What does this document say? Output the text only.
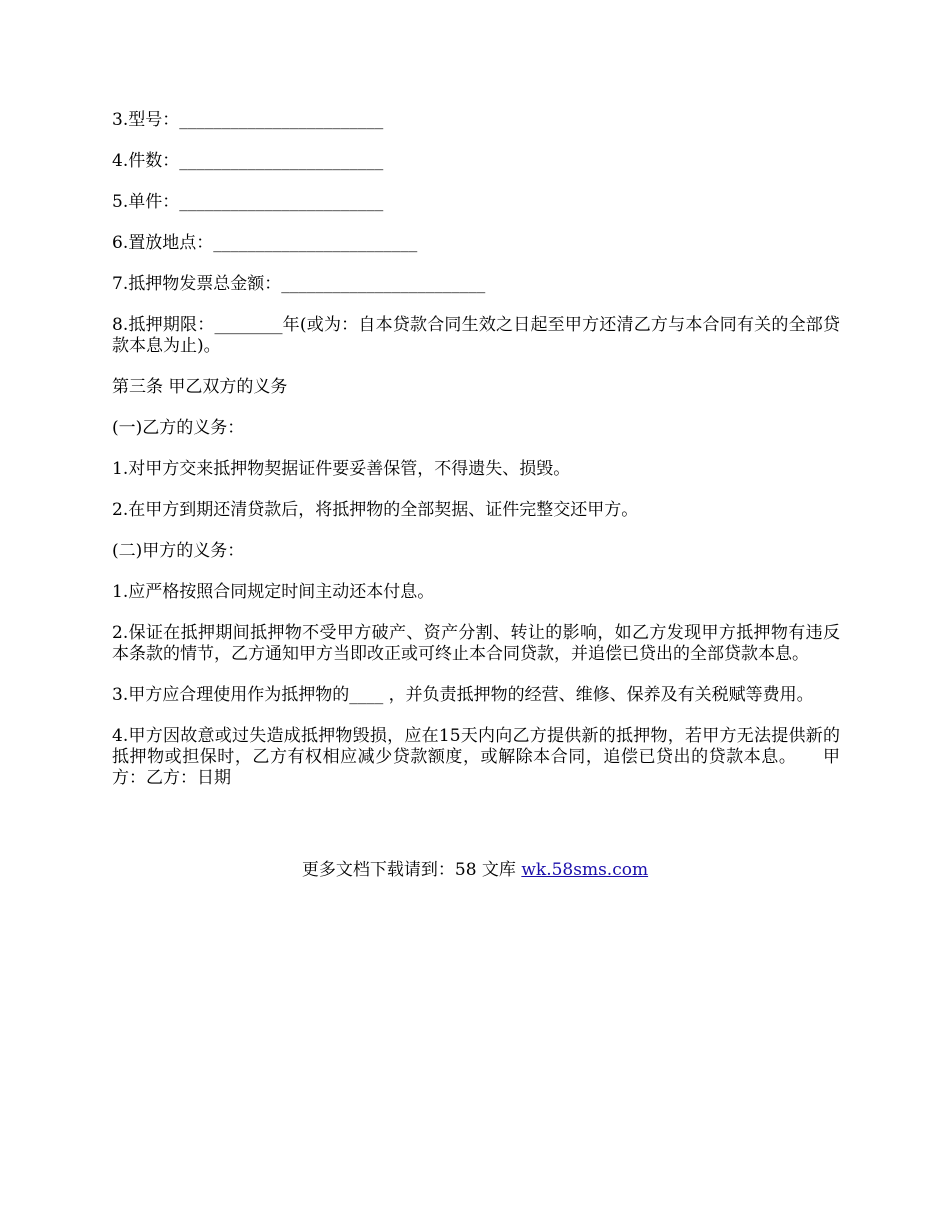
3.型号：________________________

4.件数：________________________

5.单件：________________________

6.置放地点：________________________

7.抵押物发票总金额：________________________

8.抵押期限：________年(或为：自本贷款合同生效之日起至甲方还清乙方与本合同有关的全部贷款本息为止)。

第三条 甲乙双方的义务

(一)乙方的义务：

1.对甲方交来抵押物契据证件要妥善保管，不得遗失、损毁。

2.在甲方到期还清贷款后，将抵押物的全部契据、证件完整交还甲方。

(二)甲方的义务：

1.应严格按照合同规定时间主动还本付息。

2.保证在抵押期间抵押物不受甲方破产、资产分割、转让的影响，如乙方发现甲方抵押物有违反本条款的情节，乙方通知甲方当即改正或可终止本合同贷款，并追偿已贷出的全部贷款本息。

3.甲方应合理使用作为抵押物的____ ，并负责抵押物的经营、维修、保养及有关税赋等费用。

4.甲方因故意或过失造成抵押物毁损，应在15天内向乙方提供新的抵押物，若甲方无法提供新的抵押物或担保时，乙方有权相应减少贷款额度，或解除本合同，追偿已贷出的贷款本息。　　甲方：乙方：日期

更多文档下载请到：58 文库 wk.58sms.com
